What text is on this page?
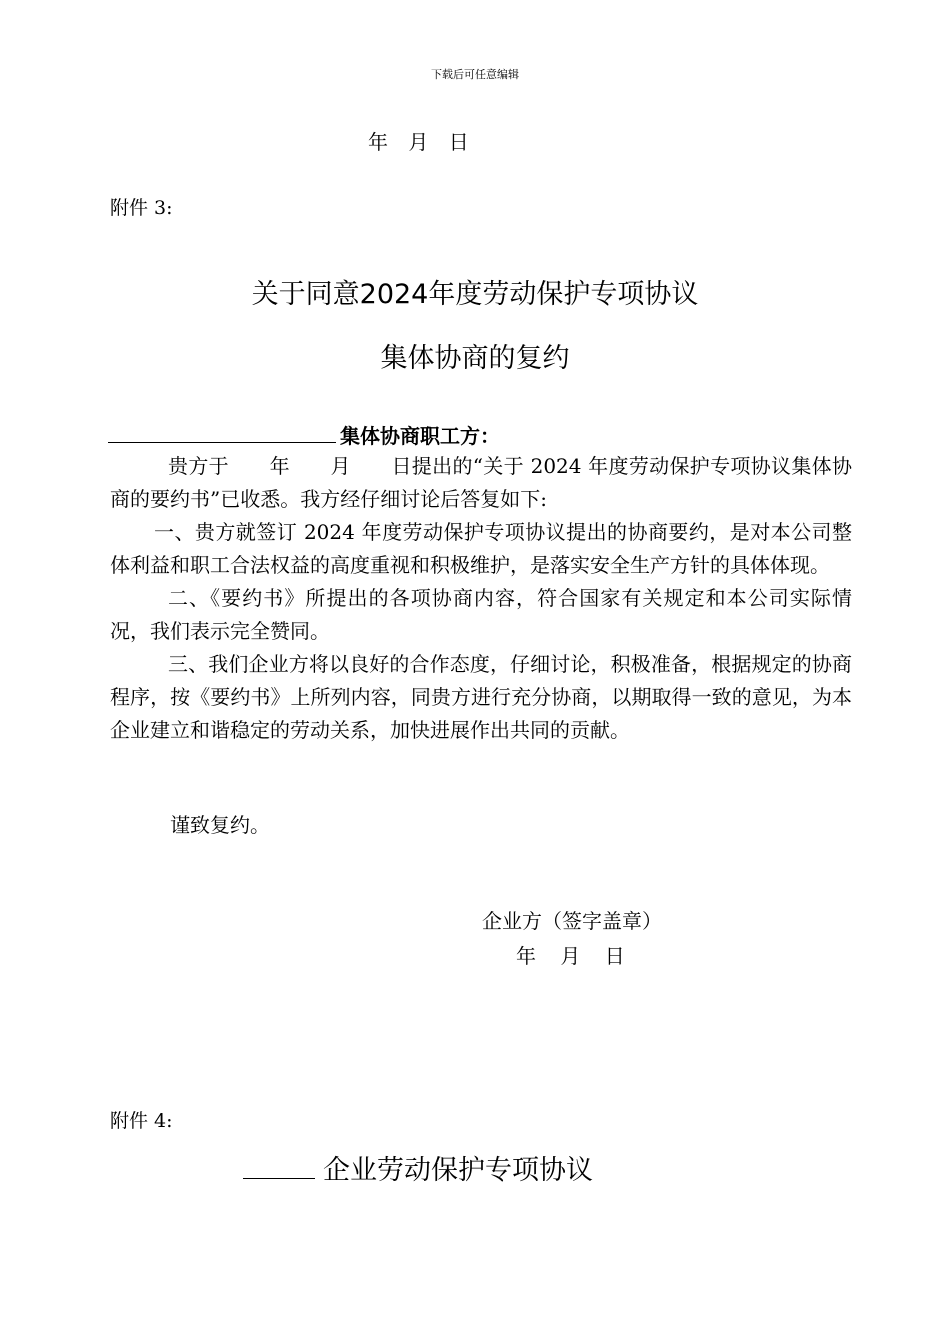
下载后可任意编辑
年 月 日
附件 3:
关于同意2024年度劳动保护专项协议
集体协商的复约
集体协商职工方：

贵方于　　年　　月　　日提出的“关于 2024 年度劳动保护专项协议集体协商的要约书”已收悉。我方经仔细讨论后答复如下:

一、贵方就签订 2024 年度劳动保护专项协议提出的协商要约，是对本公司整体利益和职工合法权益的高度重视和积极维护，是落实安全生产方针的具体体现。

二、《要约书》所提出的各项协商内容，符合国家有关规定和本公司实际情况，我们表示完全赞同。

三、我们企业方将以良好的合作态度，仔细讨论，积极准备，根据规定的协商程序，按《要约书》上所列内容，同贵方进行充分协商，以期取得一致的意见，为本企业建立和谐稳定的劳动关系，加快进展作出共同的贡献。

谨致复约。
企业方（签字盖章）
年 月 日
附件 4:
企业劳动保护专项协议
